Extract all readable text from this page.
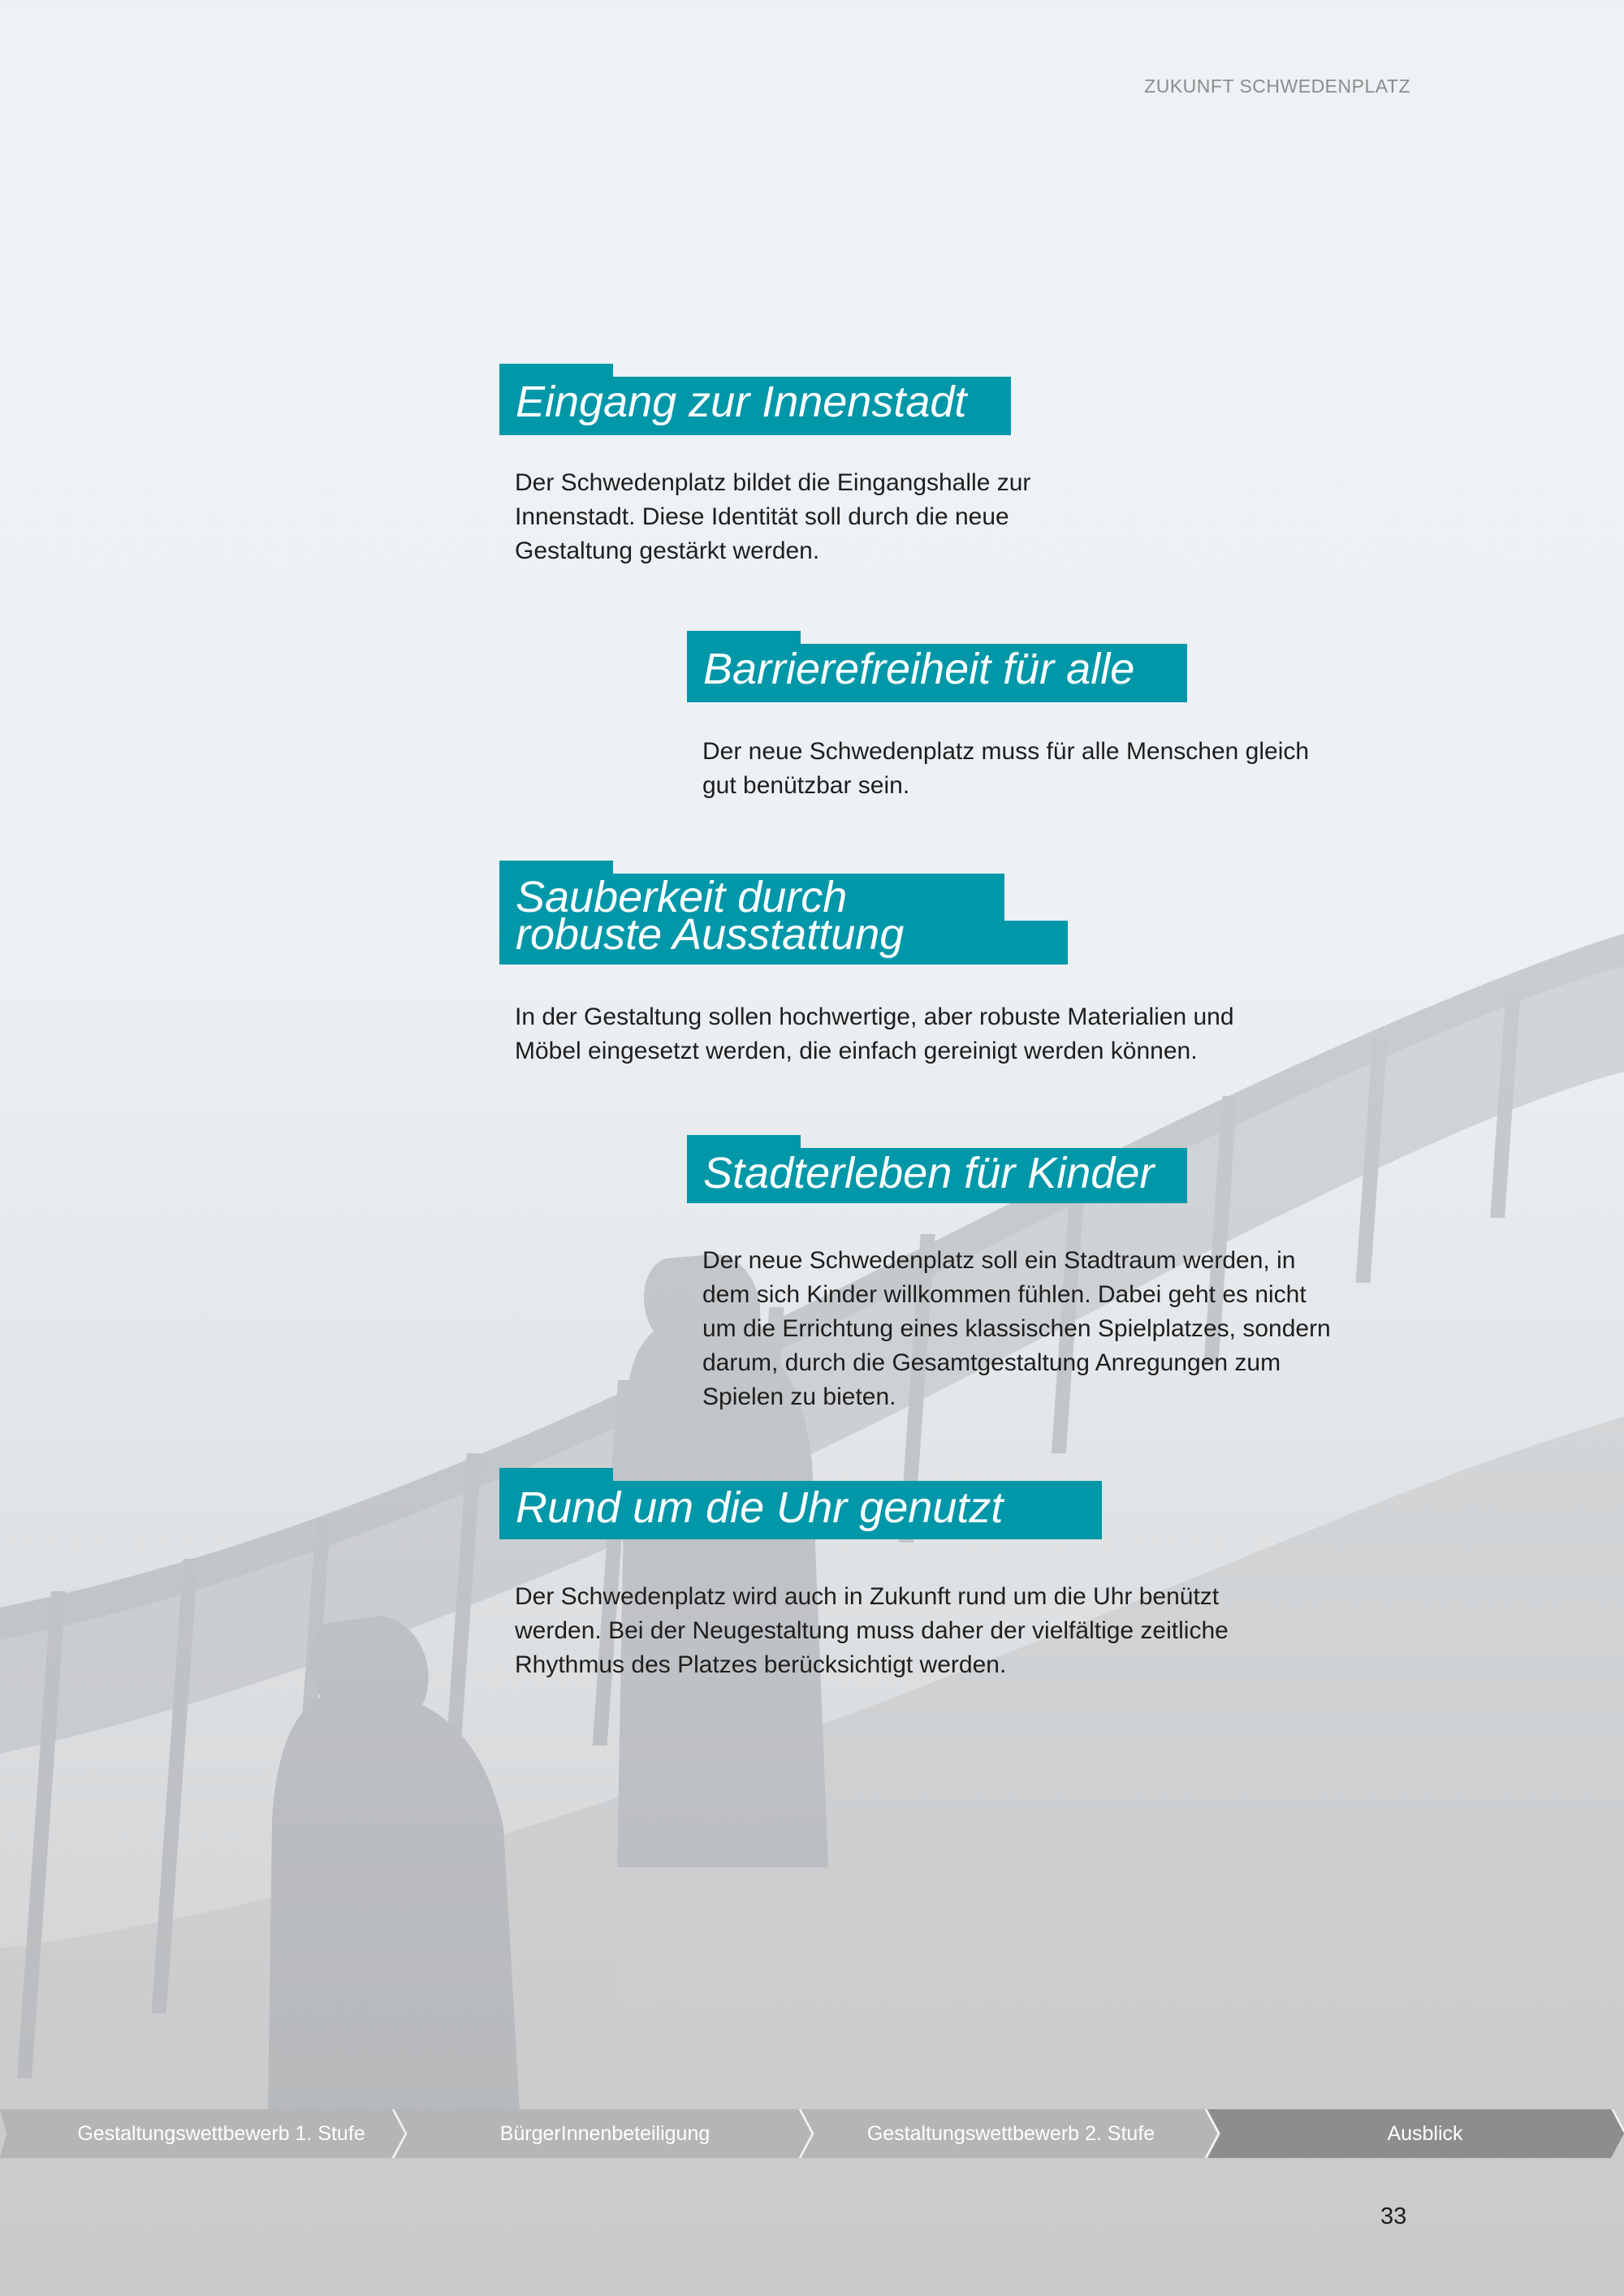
ZUKUNFT SCHWEDENPLATZ
Eingang zur Innenstadt

Der Schwedenplatz bildet die Eingangshalle zur Innenstadt. Diese Identität soll durch die neue Gestaltung gestärkt werden.

Barrierefreiheit für alle

Der neue Schwedenplatz muss für alle Menschen gleich gut benützbar sein.

Sauberkeit durch
robuste Ausstattung

In der Gestaltung sollen hochwertige, aber robuste Materialien und Möbel eingesetzt werden, die einfach gereinigt werden können.

Stadterleben für Kinder

Der neue Schwedenplatz soll ein Stadtraum werden, in dem sich Kinder willkommen fühlen. Dabei geht es nicht um die Errichtung eines klassischen Spielplatzes, sondern darum, durch die Gesamtgestaltung Anregungen zum Spielen zu bieten.

Rund um die Uhr genutzt

Der Schwedenplatz wird auch in Zukunft rund um die Uhr benützt werden. Bei der Neugestaltung muss daher der vielfältige zeitliche Rhythmus des Platzes berücksichtigt werden.

Gestaltungswettbewerb 1. Stufe	BürgerInnenbeteiligung	Gestaltungswettbewerb 2. Stufe	Ausblick
33
